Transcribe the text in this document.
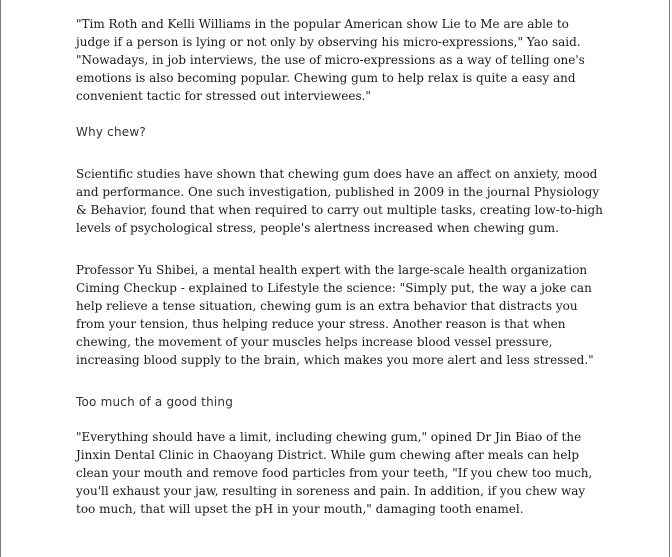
"Tim Roth and Kelli Williams in the popular American show Lie to Me are able to judge if a person is lying or not only by observing his micro-expressions," Yao said. "Nowadays, in job interviews, the use of micro-expressions as a way of telling one's emotions is also becoming popular. Chewing gum to help relax is quite a easy and convenient tactic for stressed out interviewees."

Why chew?

Scientific studies have shown that chewing gum does have an affect on anxiety, mood and performance. One such investigation, published in 2009 in the journal Physiology & Behavior, found that when required to carry out multiple tasks, creating low-to-high levels of psychological stress, people's alertness increased when chewing gum.

Professor Yu Shibei, a mental health expert with the large-scale health organization Ciming Checkup - explained to Lifestyle the science: "Simply put, the way a joke can help relieve a tense situation, chewing gum is an extra behavior that distracts you from your tension, thus helping reduce your stress. Another reason is that when chewing, the movement of your muscles helps increase blood vessel pressure, increasing blood supply to the brain, which makes you more alert and less stressed."

Too much of a good thing

"Everything should have a limit, including chewing gum," opined Dr Jin Biao of the Jinxin Dental Clinic in Chaoyang District. While gum chewing after meals can help clean your mouth and remove food particles from your teeth, "If you chew too much, you'll exhaust your jaw, resulting in soreness and pain. In addition, if you chew way too much, that will upset the pH in your mouth," damaging tooth enamel.
